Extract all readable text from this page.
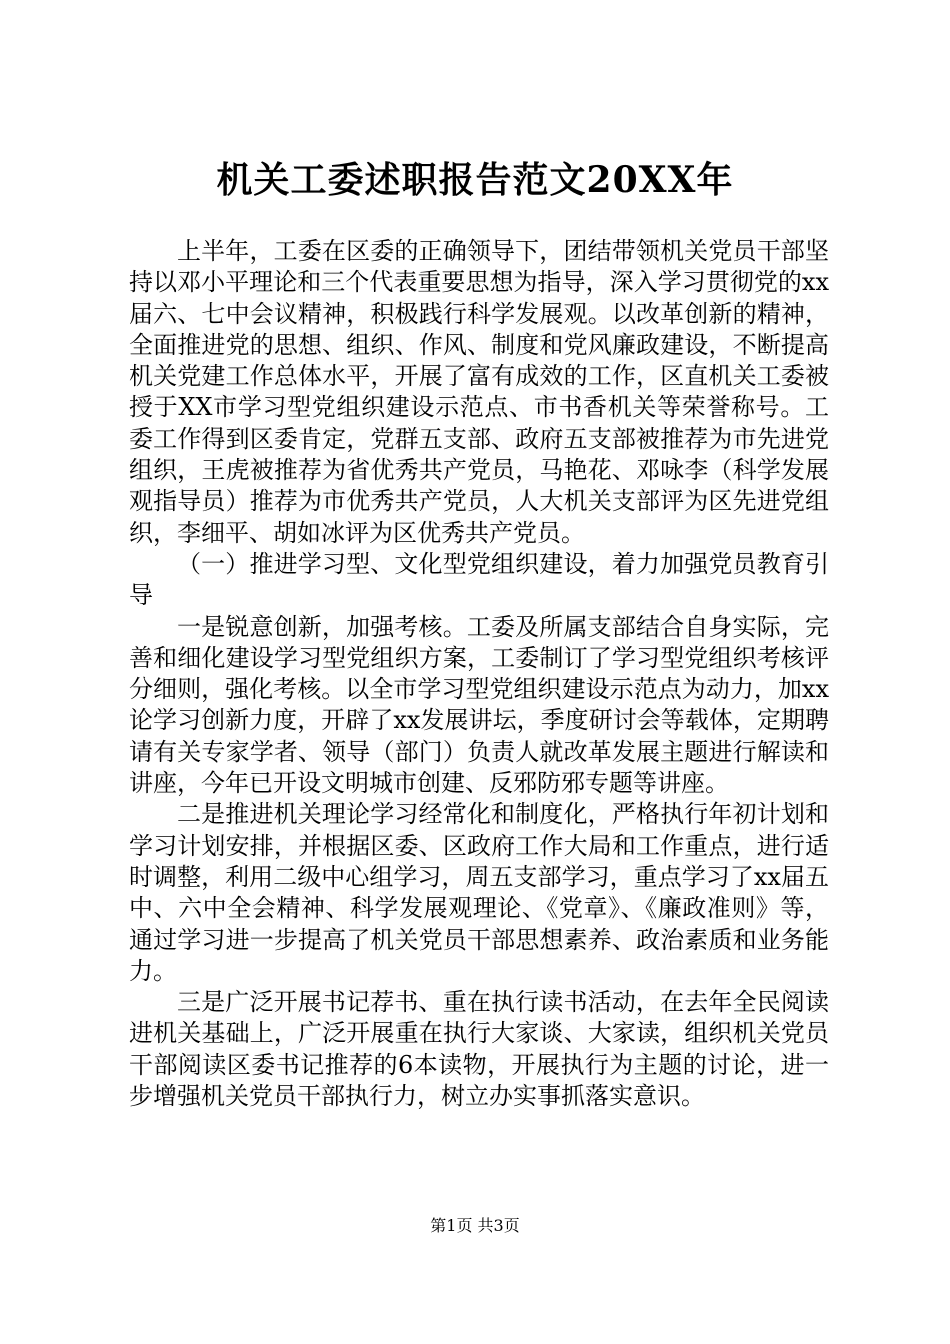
机关工委述职报告范文20XX年

上半年，工委在区委的正确领导下，团结带领机关党员干部坚持以邓小平理论和三个代表重要思想为指导，深入学习贯彻党的xx届六、七中会议精神，积极践行科学发展观。以改革创新的精神，全面推进党的思想、组织、作风、制度和党风廉政建设，不断提高机关党建工作总体水平，开展了富有成效的工作，区直机关工委被授于XX市学习型党组织建设示范点、市书香机关等荣誉称号。工委工作得到区委肯定，党群五支部、政府五支部被推荐为市先进党组织，王虎被推荐为省优秀共产党员，马艳花、邓咏李（科学发展观指导员）推荐为市优秀共产党员，人大机关支部评为区先进党组织，李细平、胡如冰评为区优秀共产党员。

（一）推进学习型、文化型党组织建设，着力加强党员教育引导

一是锐意创新，加强考核。工委及所属支部结合自身实际，完善和细化建设学习型党组织方案，工委制订了学习型党组织考核评分细则，强化考核。以全市学习型党组织建设示范点为动力，加xx论学习创新力度，开辟了xx发展讲坛，季度研讨会等载体，定期聘请有关专家学者、领导（部门）负责人就改革发展主题进行解读和讲座，今年已开设文明城市创建、反邪防邪专题等讲座。

二是推进机关理论学习经常化和制度化，严格执行年初计划和学习计划安排，并根据区委、区政府工作大局和工作重点，进行适时调整，利用二级中心组学习，周五支部学习，重点学习了xx届五中、六中全会精神、科学发展观理论、《党章》、《廉政准则》等，通过学习进一步提高了机关党员干部思想素养、政治素质和业务能力。

三是广泛开展书记荐书、重在执行读书活动，在去年全民阅读进机关基础上，广泛开展重在执行大家谈、大家读，组织机关党员干部阅读区委书记推荐的6本读物，开展执行为主题的讨论，进一步增强机关党员干部执行力，树立办实事抓落实意识。

第1页 共3页
